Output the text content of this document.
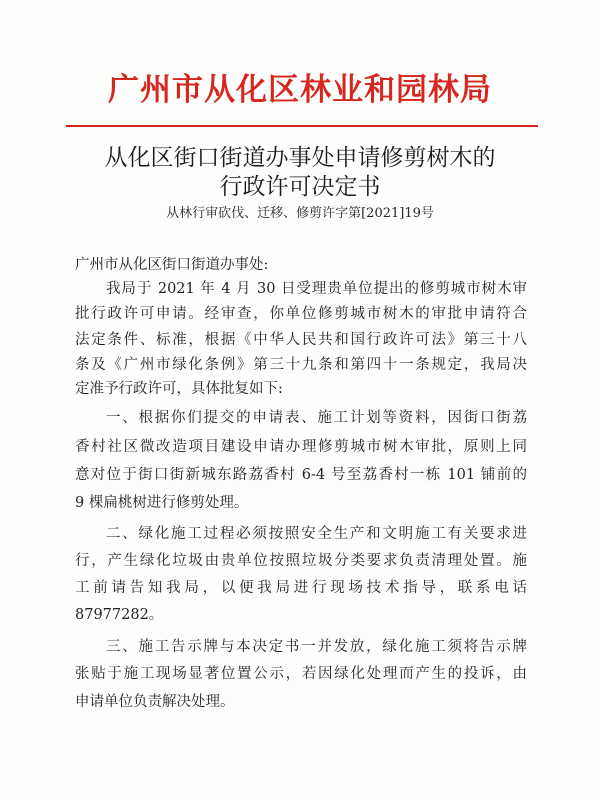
广州市从化区林业和园林局
从化区街口街道办事处申请修剪树木的
行政许可决定书
从林行审砍伐、迁移、修剪许字第[2021]19号
广州市从化区街口街道办事处:
我局于 2021 年 4 月 30 日受理贵单位提出的修剪城市树木审
批行政许可申请。经审查，你单位修剪城市树木的审批申请符合
法定条件、标准，根据《中华人民共和国行政许可法》第三十八
条及《广州市绿化条例》第三十九条和第四十一条规定，我局决
定准予行政许可，具体批复如下:
一、根据你们提交的申请表、施工计划等资料，因街口街荔
香村社区微改造项目建设申请办理修剪城市树木审批，原则上同
意对位于街口街新城东路荔香村 6-4 号至荔香村一栋 101 铺前的
9 棵扁桃树进行修剪处理。
二、绿化施工过程必须按照安全生产和文明施工有关要求进
行，产生绿化垃圾由贵单位按照垃圾分类要求负责清理处置。施
工前请告知我局，以便我局进行现场技术指导，联系电话
87977282。
三、施工告示牌与本决定书一并发放，绿化施工须将告示牌
张贴于施工现场显著位置公示，若因绿化处理而产生的投诉，由
申请单位负责解决处理。
